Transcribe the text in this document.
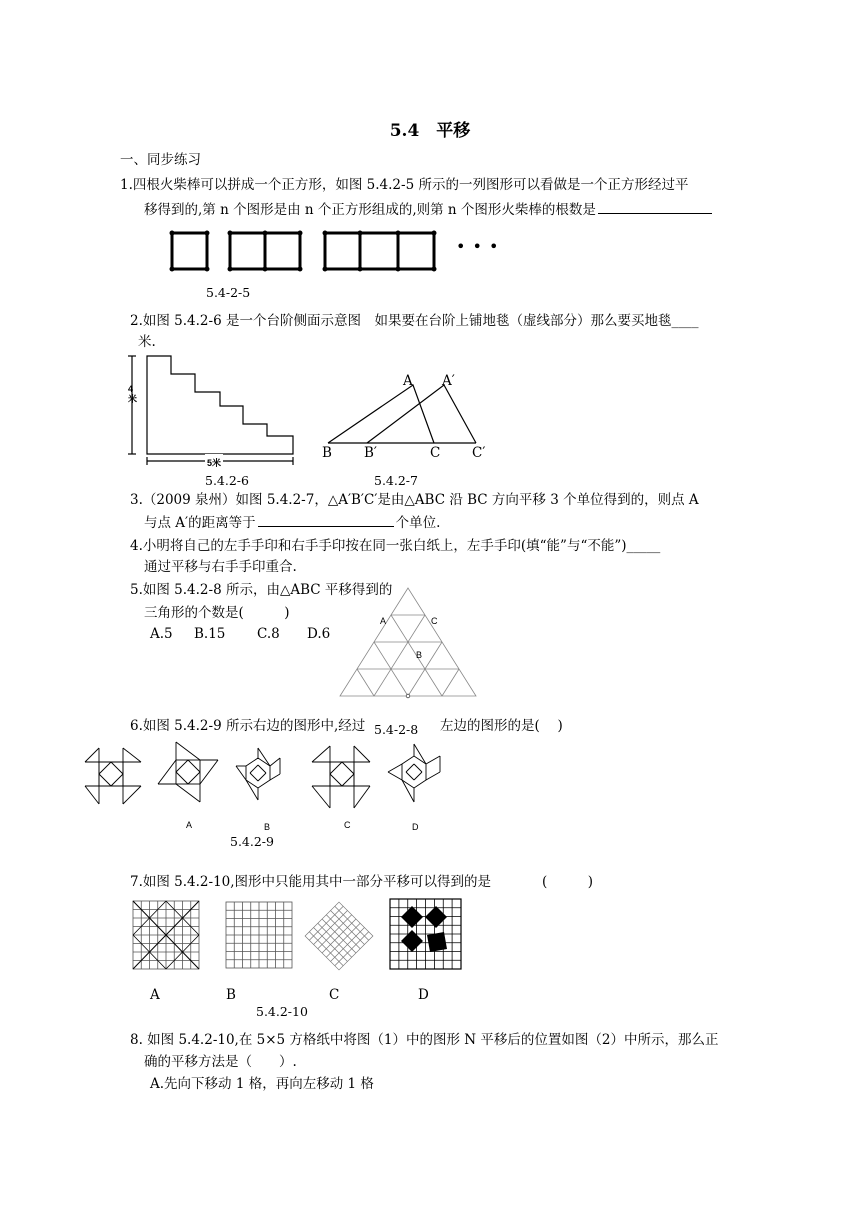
5.4　平移
一、同步练习
1.四根火柴棒可以拼成一个正方形，如图 5.4.2-5 所示的一列图形可以看做是一个正方形经过平
移得到的,第 n 个图形是由 n 个正方形组成的,则第 n 个图形火柴棒的根数是
• • •
5.4-2-5
2.如图 5.4.2-6 是一个台阶侧面示意图　如果要在台阶上铺地毯（虚线部分）那么要买地毯____
米.
4米
5米
5.4.2-6
A A′
B B′	C C′
5.4.2-7
3.（2009 泉州）如图 5.4.2-7，△A′B′C′是由△ABC 沿 BC 方向平移 3 个单位得到的，则点 A
与点 A′的距离等于	个单位.
4.小明将自己的左手手印和右手手印按在同一张白纸上，左手手印(填“能”与“不能”)_____
通过平移与右手手印重合.
5.如图 5.4.2-8 所示，由△ABC 平移得到的
三角形的个数是(　　　)
A.5 B.15 C.8 D.6
A	C
B
6.如图 5.4.2-9 所示右边的图形中,经过 5.4-2-8 左边的图形的是(　 )
A	B	C	D
5.4.2-9
7.如图 5.4.2-10,图形中只能用其中一部分平移可以得到的是	(　　　)
A	B	C	D
5.4.2-10
8. 如图 5.4.2-10,在 5×5 方格纸中将图（1）中的图形 N 平移后的位置如图（2）中所示，那么正
确的平移方法是（　　）.
A.先向下移动 1 格，再向左移动 1 格
